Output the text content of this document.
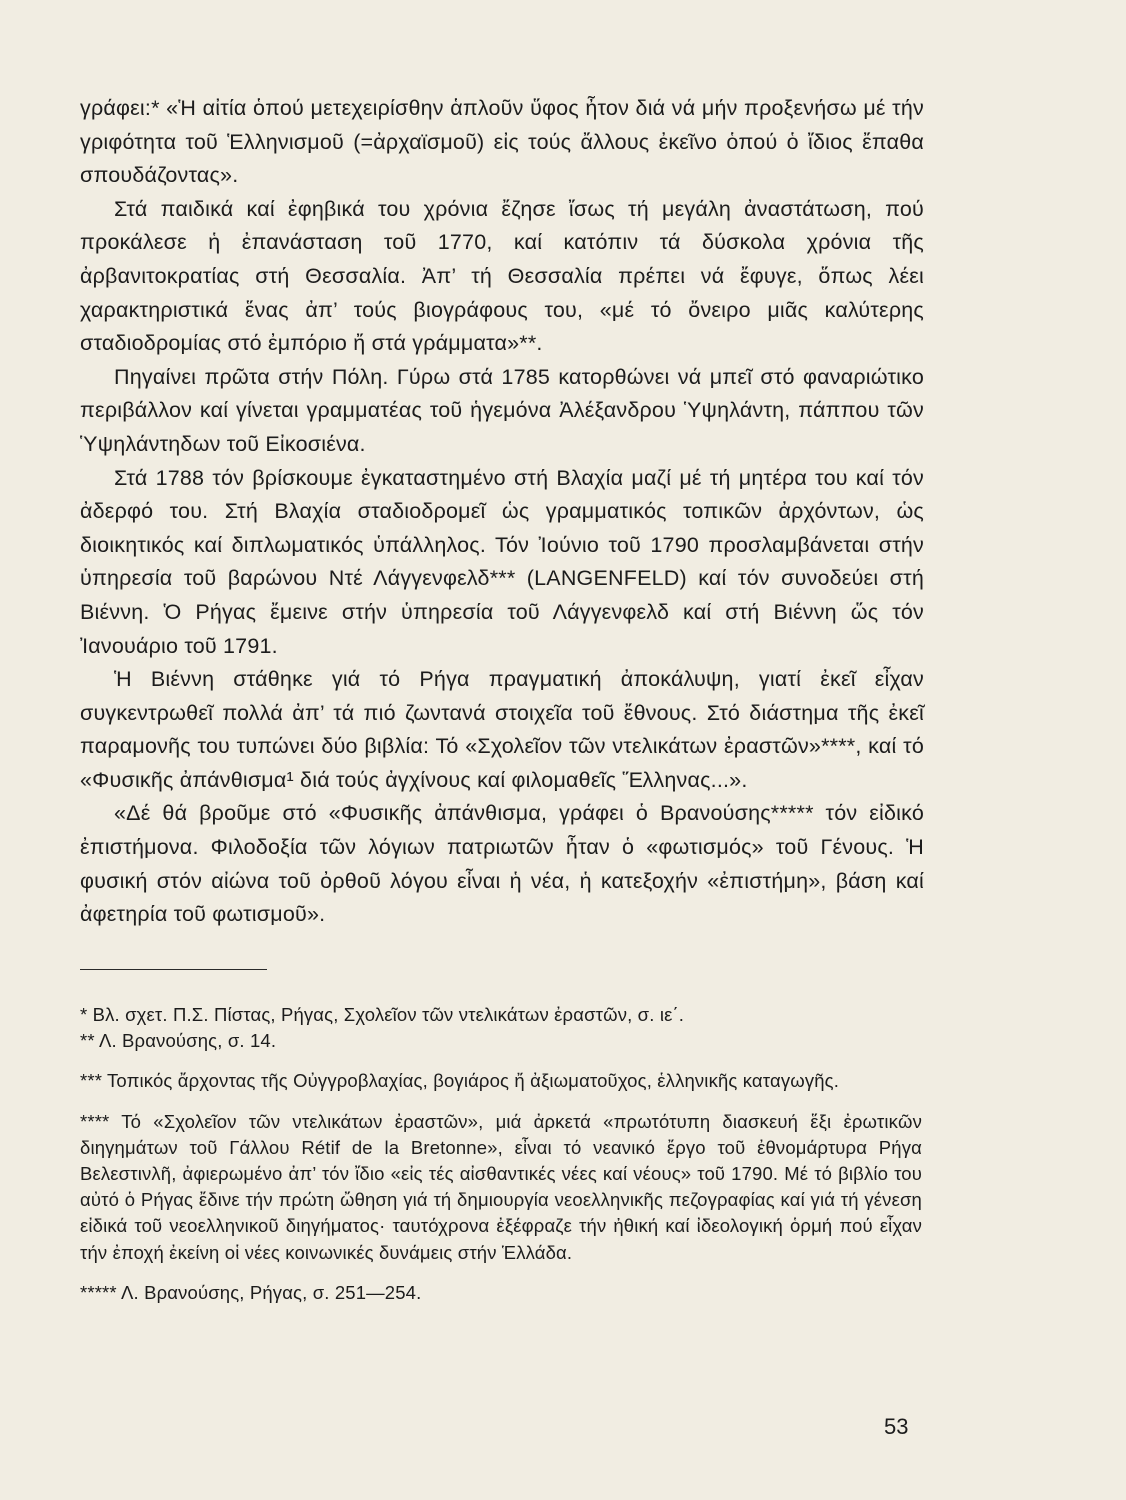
γράφει:* «Ἡ αἰτία ὁπού μετεχειρίσθην ἁπλοῦν ὕφος ἦτον διά νά μήν προξενήσω μέ τήν γριφότητα τοῦ Ἑλληνισμοῦ (=ἀρχαϊσμοῦ) εἰς τούς ἄλλους ἐκεῖνο ὁπού ὁ ἴδιος ἔπαθα σπουδάζοντας».

Στά παιδικά καί ἐφηβικά του χρόνια ἔζησε ἴσως τή μεγάλη ἀναστάτωση, πού προκάλεσε ἡ ἐπανάσταση τοῦ 1770, καί κατόπιν τά δύσκολα χρόνια τῆς ἀρβανιτοκρατίας στή Θεσσαλία. Ἀπ’ τή Θεσσαλία πρέπει νά ἔφυγε, ὅπως λέει χαρακτηριστικά ἕνας ἀπ’ τούς βιογράφους του, «μέ τό ὄνειρο μιᾶς καλύτερης σταδιοδρομίας στό ἐμπόριο ἤ στά γράμματα»**.

Πηγαίνει πρῶτα στήν Πόλη. Γύρω στά 1785 κατορθώνει νά μπεῖ στό φαναριώτικο περιβάλλον καί γίνεται γραμματέας τοῦ ἡγεμόνα Ἀλέξανδρου Ὑψηλάντη, πάππου τῶν Ὑψηλάντηδων τοῦ Εἰκοσιένα.

Στά 1788 τόν βρίσκουμε ἐγκαταστημένο στή Βλαχία μαζί μέ τή μητέρα του καί τόν ἀδερφό του. Στή Βλαχία σταδιοδρομεῖ ὡς γραμματικός τοπικῶν ἀρχόντων, ὡς διοικητικός καί διπλωματικός ὑπάλληλος. Τόν Ἰούνιο τοῦ 1790 προσλαμβάνεται στήν ὑπηρεσία τοῦ βαρώνου Ντέ Λάγγενφελδ*** (LANGENFELD) καί τόν συνοδεύει στή Βιέννη. Ὁ Ρήγας ἔμεινε στήν ὑπηρεσία τοῦ Λάγγενφελδ καί στή Βιέννη ὥς τόν Ἰανουάριο τοῦ 1791.

Ἡ Βιέννη στάθηκε γιά τό Ρήγα πραγματική ἀποκάλυψη, γιατί ἐκεῖ εἶχαν συγκεντρωθεῖ πολλά ἀπ’ τά πιό ζωντανά στοιχεῖα τοῦ ἔθνους. Στό διάστημα τῆς ἐκεῖ παραμονῆς του τυπώνει δύο βιβλία: Τό «Σχολεῖον τῶν ντελικάτων ἐραστῶν»****, καί τό «Φυσικῆς ἀπάνθισμα¹ διά τούς ἀγχίνους καί φιλομαθεῖς Ἕλληνας...».

«Δέ θά βροῦμε στό «Φυσικῆς ἀπάνθισμα, γράφει ὁ Βρανούσης***** τόν εἰδικό ἐπιστήμονα. Φιλοδοξία τῶν λόγιων πατριωτῶν ἦταν ὁ «φωτισμός» τοῦ Γένους. Ἡ φυσική στόν αἰώνα τοῦ ὀρθοῦ λόγου εἶναι ἡ νέα, ἡ κατεξοχήν «ἐπιστήμη», βάση καί ἀφετηρία τοῦ φωτισμοῦ».

* Βλ. σχετ. Π.Σ. Πίστας, Ρήγας, Σχολεῖον τῶν ντελικάτων ἐραστῶν, σ. ιε΄.

** Λ. Βρανούσης, σ. 14.

*** Τοπικός ἄρχοντας τῆς Οὐγγροβλαχίας, βογιάρος ἤ ἀξιωματοῦχος, ἑλληνικῆς καταγωγῆς.

**** Τό «Σχολεῖον τῶν ντελικάτων ἐραστῶν», μιά ἀρκετά «πρωτότυπη διασκευή ἕξι ἐρωτικῶν διηγημάτων τοῦ Γάλλου Rétif de la Bretonne», εἶναι τό νεανικό ἔργο τοῦ ἐθνομάρτυρα Ρήγα Βελεστινλῆ, ἀφιερωμένο ἀπ’ τόν ἴδιο «εἰς τές αἰσθαντικές νέες καί νέους» τοῦ 1790. Μέ τό βιβλίο του αὐτό ὁ Ρήγας ἔδινε τήν πρώτη ὤθηση γιά τή δημιουργία νεοελληνικῆς πεζογραφίας καί γιά τή γένεση εἰδικά τοῦ νεοελληνικοῦ διηγήματος· ταυτόχρονα ἐξέφραζε τήν ἠθική καί ἰδεολογική ὁρμή πού εἶχαν τήν ἐποχή ἐκείνη οἱ νέες κοινωνικές δυνάμεις στήν Ἑλλάδα.

***** Λ. Βρανούσης, Ρήγας, σ. 251—254.

53
